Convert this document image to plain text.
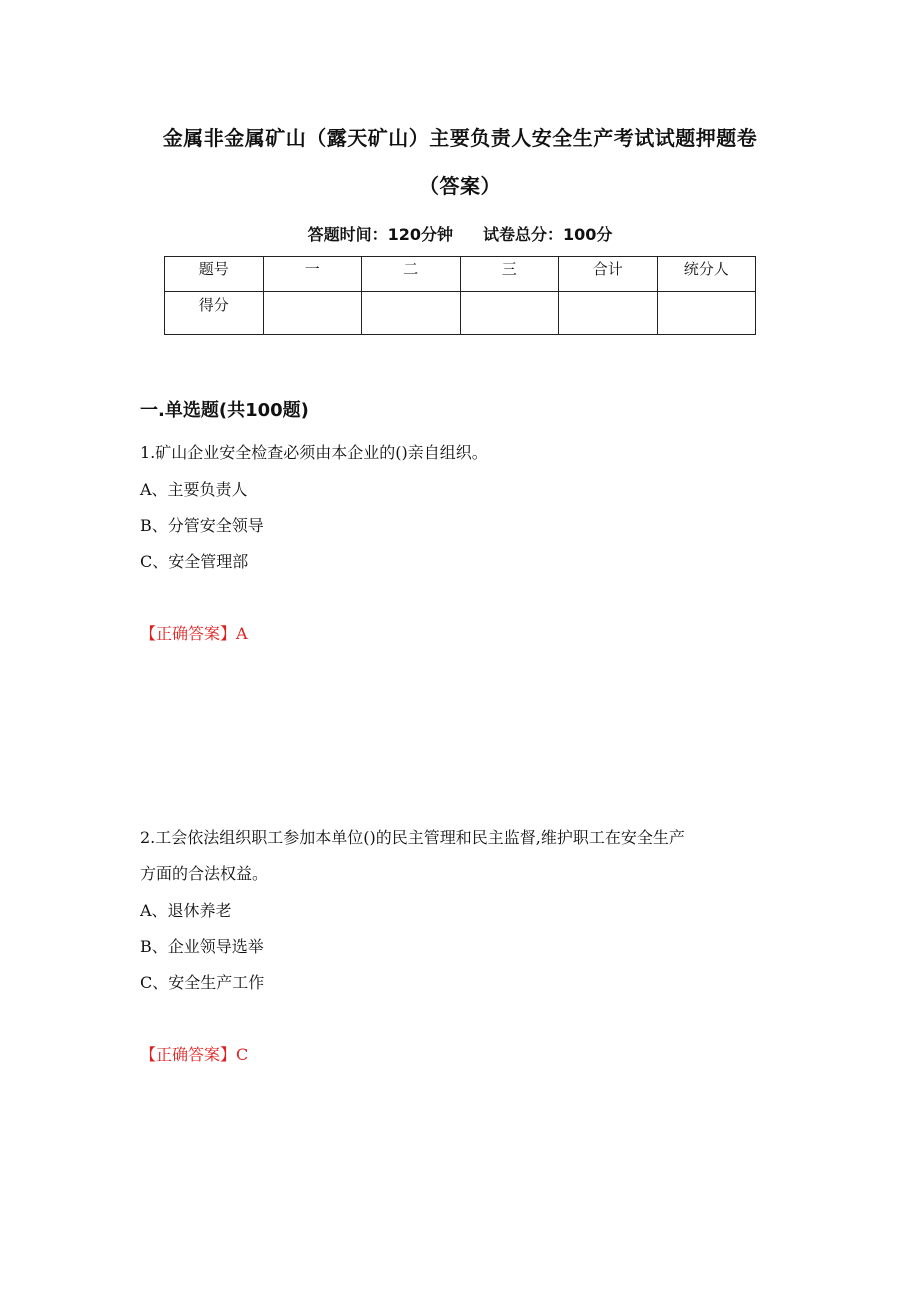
金属非金属矿山（露天矿山）主要负责人安全生产考试试题押题卷
（答案）
答题时间：120分钟 试卷总分：100分
题号	一	二	三	合计	统分人
得分					
一.单选题(共100题)
1.矿山企业安全检查必须由本企业的()亲自组织。
A、主要负责人
B、分管安全领导
C、安全管理部
【正确答案】A
2.工会依法组织职工参加本单位()的民主管理和民主监督,维护职工在安全生产
方面的合法权益。
A、退休养老
B、企业领导选举
C、安全生产工作
【正确答案】C
